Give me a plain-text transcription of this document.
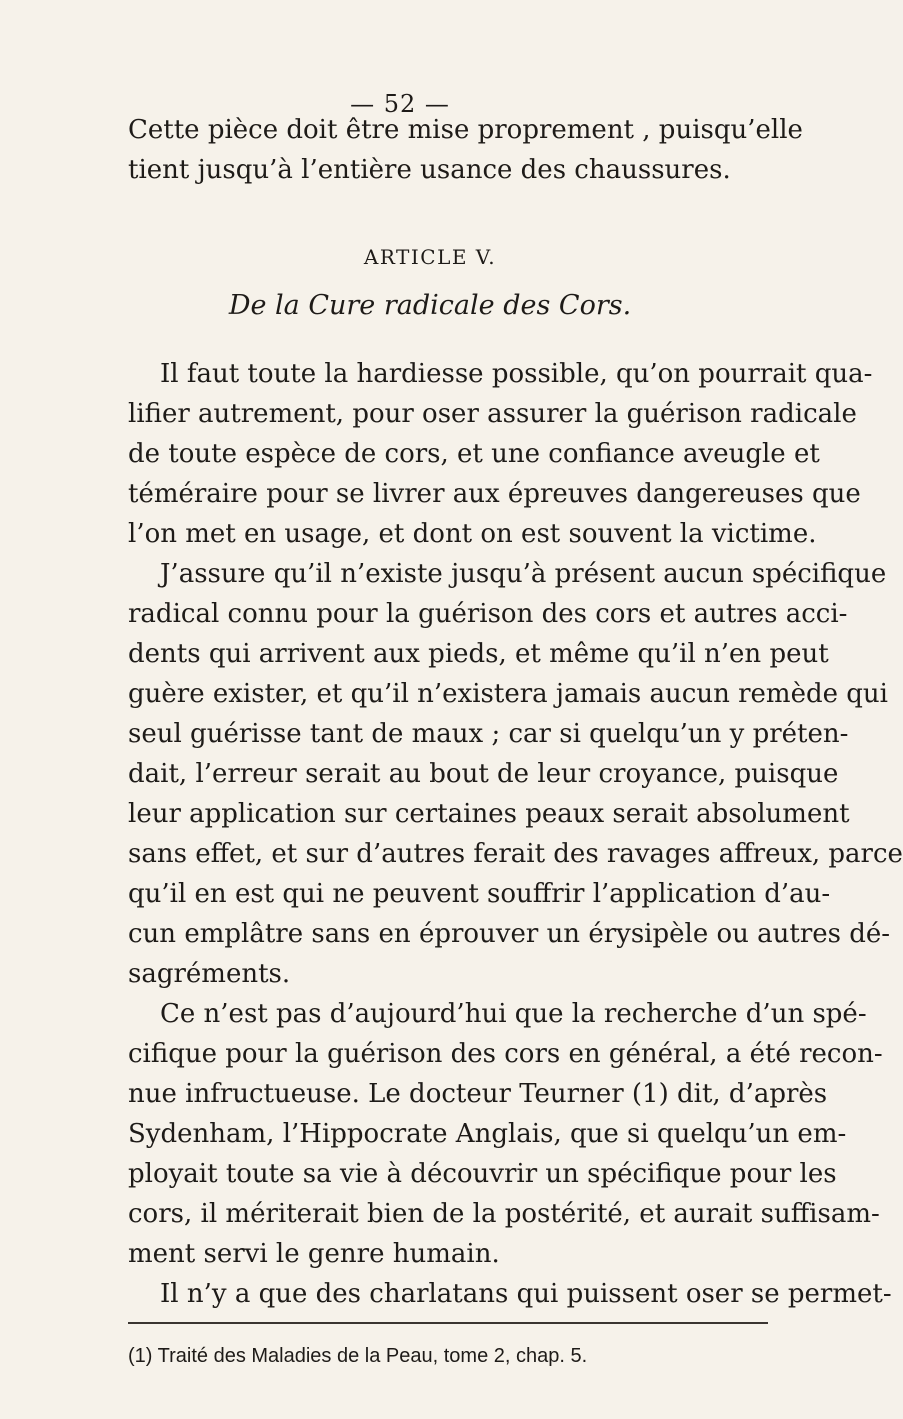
— 52 —
Cette pièce doit être mise proprement , puisqu’elle
tient jusqu’à l’entière usance des chaussures.
ARTICLE V.
De la Cure radicale des Cors.
Il faut toute la hardiesse possible, qu’on pourrait qua-
lifier autrement, pour oser assurer la guérison radicale
de toute espèce de cors, et une confiance aveugle et
téméraire pour se livrer aux épreuves dangereuses que
l’on met en usage, et dont on est souvent la victime.
J’assure qu’il n’existe jusqu’à présent aucun spécifique
radical connu pour la guérison des cors et autres acci-
dents qui arrivent aux pieds, et même qu’il n’en peut
guère exister, et qu’il n’existera jamais aucun remède qui
seul guérisse tant de maux ; car si quelqu’un y préten-
dait, l’erreur serait au bout de leur croyance, puisque
leur application sur certaines peaux serait absolument
sans effet, et sur d’autres ferait des ravages affreux, parce
qu’il en est qui ne peuvent souffrir l’application d’au-
cun emplâtre sans en éprouver un érysipèle ou autres dé-
sagréments.
Ce n’est pas d’aujourd’hui que la recherche d’un spé-
cifique pour la guérison des cors en général, a été recon-
nue infructueuse. Le docteur Teurner (1) dit, d’après
Sydenham, l’Hippocrate Anglais, que si quelqu’un em-
ployait toute sa vie à découvrir un spécifique pour les
cors, il mériterait bien de la postérité, et aurait suffisam-
ment servi le genre humain.
Il n’y a que des charlatans qui puissent oser se permet-
(1) Traité des Maladies de la Peau, tome 2, chap. 5.
